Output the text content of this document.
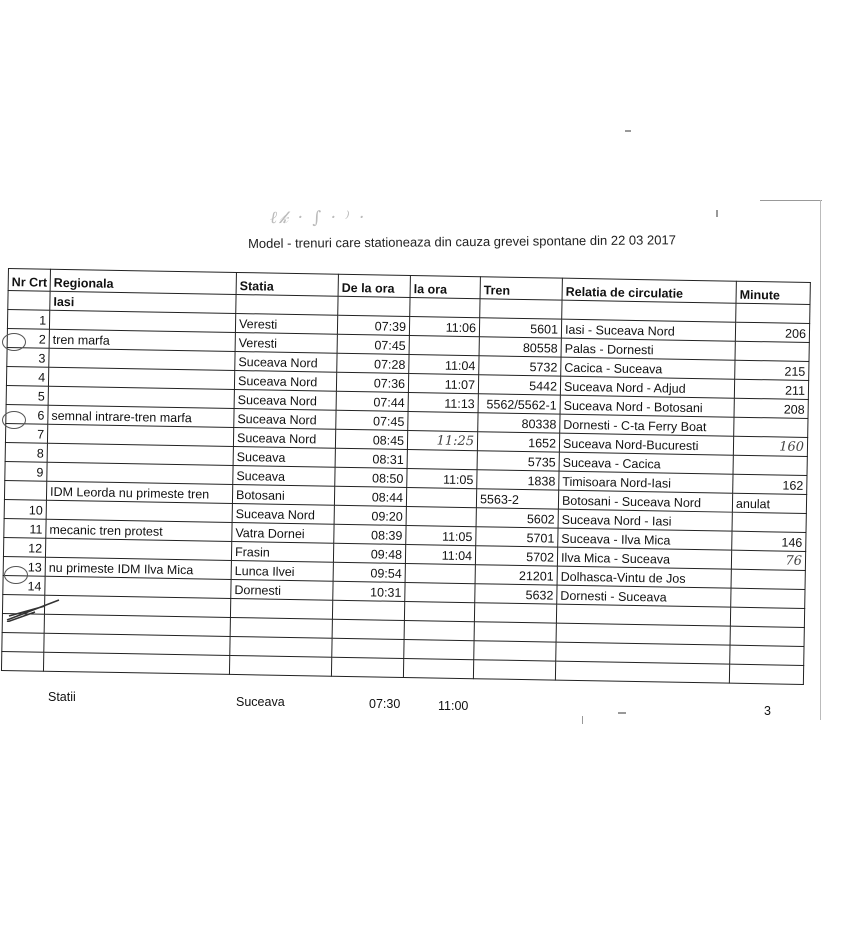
ℓ𝓀 · ∫ · ⁾ ·
Model - trenuri care stationeaza din cauza grevei spontane din 22 03 2017
Nr Crt	Regionala	Statia	De la ora	la ora	Tren	Relatia de circulatie	Minute
	Iasi						
1		Veresti	07:39	11:06	5601	Iasi - Suceava Nord	206
2	tren marfa	Veresti	07:45		80558	Palas - Dornesti	
3		Suceava Nord	07:28	11:04	5732	Cacica - Suceava	215
4		Suceava Nord	07:36	11:07	5442	Suceava Nord - Adjud	211
5		Suceava Nord	07:44	11:13	5562/5562-1	Suceava Nord - Botosani	208
6	semnal intrare-tren marfa	Suceava Nord	07:45		80338	Dornesti - C-ta Ferry Boat	
7		Suceava Nord	08:45	11:25	1652	Suceava Nord-Bucuresti	160
8		Suceava	08:31		5735	Suceava - Cacica	
9		Suceava	08:50	11:05	1838	Timisoara Nord-Iasi	162
	IDM Leorda nu primeste tren	Botosani	08:44		5563-2	Botosani - Suceava Nord	anulat
10		Suceava Nord	09:20		5602	Suceava Nord - Iasi	
11	mecanic tren protest	Vatra Dornei	08:39	11:05	5701	Suceava - Ilva Mica	146
12		Frasin	09:48	11:04	5702	Ilva Mica - Suceava	76
13	nu primeste IDM Ilva Mica	Lunca Ilvei	09:54		21201	Dolhasca-Vintu de Jos	
14		Dornesti	10:31		5632	Dornesti - Suceava	

Statii	Suceava	07:30	11:00	3
